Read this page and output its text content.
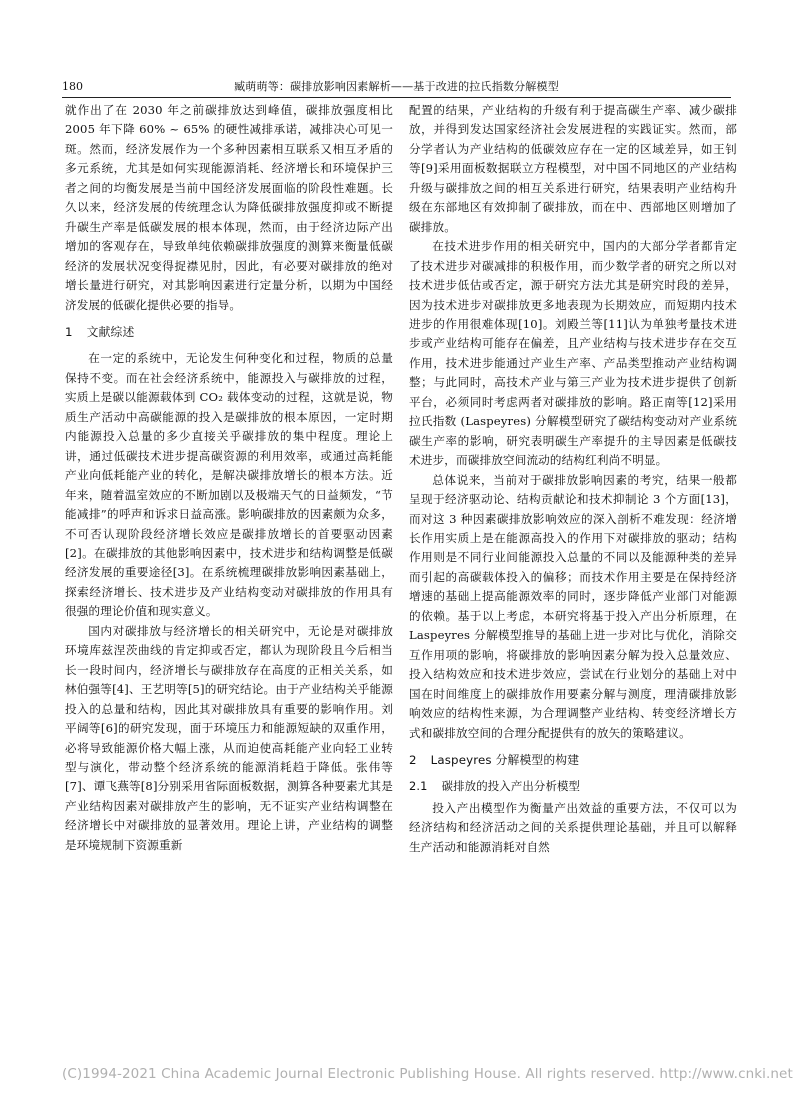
180	臧萌萌等：碳排放影响因素解析——基于改进的拉氏指数分解模型

就作出了在 2030 年之前碳排放达到峰值，碳排放强度相比 2005 年下降 60% ~ 65% 的硬性减排承诺，减排决心可见一斑。然而，经济发展作为一个多种因素相互联系又相互矛盾的多元系统，尤其是如何实现能源消耗、经济增长和环境保护三者之间的均衡发展是当前中国经济发展面临的阶段性难题。长久以来，经济发展的传统理念认为降低碳排放强度抑或不断提升碳生产率是低碳发展的根本体现，然而，由于经济边际产出增加的客观存在，导致单纯依赖碳排放强度的测算来衡量低碳经济的发展状况变得捉襟见肘，因此，有必要对碳排放的绝对增长量进行研究，对其影响因素进行定量分析，以期为中国经济发展的低碳化提供必要的指导。

1 文献综述

在一定的系统中，无论发生何种变化和过程，物质的总量保持不变。而在社会经济系统中，能源投入与碳排放的过程，实质上是碳以能源载体到 CO₂ 载体变动的过程，这就是说，物质生产活动中高碳能源的投入是碳排放的根本原因，一定时期内能源投入总量的多少直接关乎碳排放的集中程度。理论上讲，通过低碳技术进步提高碳资源的利用效率，或通过高耗能产业向低耗能产业的转化，是解决碳排放增长的根本方法。近年来，随着温室效应的不断加剧以及极端天气的日益频发，“节能减排”的呼声和诉求日益高涨。影响碳排放的因素颇为众多，不可否认现阶段经济增长效应是碳排放增长的首要驱动因素[2]。在碳排放的其他影响因素中，技术进步和结构调整是低碳经济发展的重要途径[3]。在系统梳理碳排放影响因素基础上，探索经济增长、技术进步及产业结构变动对碳排放的作用具有很强的理论价值和现实意义。

国内对碳排放与经济增长的相关研究中，无论是对碳排放环境库兹涅茨曲线的肯定抑或否定，都认为现阶段且今后相当长一段时间内，经济增长与碳排放存在高度的正相关关系，如林伯强等[4]、王艺明等[5]的研究结论。由于产业结构关乎能源投入的总量和结构，因此其对碳排放具有重要的影响作用。刘平阔等[6]的研究发现，面于环境压力和能源短缺的双重作用，必将导致能源价格大幅上涨，从而迫使高耗能产业向轻工业转型与演化，带动整个经济系统的能源消耗趋于降低。张伟等[7]、谭飞燕等[8]分别采用省际面板数据，测算各种要素尤其是产业结构因素对碳排放产生的影响，无不证实产业结构调整在经济增长中对碳排放的显著效用。理论上讲，产业结构的调整是环境规制下资源重新

配置的结果，产业结构的升级有利于提高碳生产率、减少碳排放，并得到发达国家经济社会发展进程的实践证实。然而，部分学者认为产业结构的低碳效应存在一定的区域差异，如王钊等[9]采用面板数据联立方程模型，对中国不同地区的产业结构升级与碳排放之间的相互关系进行研究，结果表明产业结构升级在东部地区有效抑制了碳排放，而在中、西部地区则增加了碳排放。

在技术进步作用的相关研究中，国内的大部分学者都肯定了技术进步对碳减排的积极作用，而少数学者的研究之所以对技术进步低估或否定，源于研究方法尤其是研究时段的差异，因为技术进步对碳排放更多地表现为长期效应，而短期内技术进步的作用很难体现[10]。刘殿兰等[11]认为单独考量技术进步或产业结构可能存在偏差，且产业结构与技术进步存在交互作用，技术进步能通过产业生产率、产品类型推动产业结构调整；与此同时，高技术产业与第三产业为技术进步提供了创新平台，必须同时考虑两者对碳排放的影响。路正南等[12]采用拉氏指数 (Laspeyres) 分解模型研究了碳结构变动对产业系统碳生产率的影响，研究表明碳生产率提升的主导因素是低碳技术进步，而碳排放空间流动的结构红利尚不明显。

总体说来，当前对于碳排放影响因素的考究，结果一般都呈现于经济驱动论、结构贡献论和技术抑制论 3 个方面[13]，而对这 3 种因素碳排放影响效应的深入剖析不难发现：经济增长作用实质上是在能源高投入的作用下对碳排放的驱动；结构作用则是不同行业间能源投入总量的不同以及能源种类的差异而引起的高碳载体投入的偏移；而技术作用主要是在保持经济增速的基础上提高能源效率的同时，逐步降低产业部门对能源的依赖。基于以上考虑，本研究将基于投入产出分析原理，在 Laspeyres 分解模型推导的基础上进一步对比与优化，消除交互作用项的影响，将碳排放的影响因素分解为投入总量效应、投入结构效应和技术进步效应，尝试在行业划分的基础上对中国在时间维度上的碳排放作用要素分解与测度，理清碳排放影响效应的结构性来源，为合理调整产业结构、转变经济增长方式和碳排放空间的合理分配提供有的放矢的策略建议。

2 Laspeyres 分解模型的构建
2.1 碳排放的投入产出分析模型

投入产出模型作为衡量产出效益的重要方法，不仅可以为经济结构和经济活动之间的关系提供理论基础，并且可以解释生产活动和能源消耗对自然

(C)1994-2021 China Academic Journal Electronic Publishing House. All rights reserved. http://www.cnki.net
